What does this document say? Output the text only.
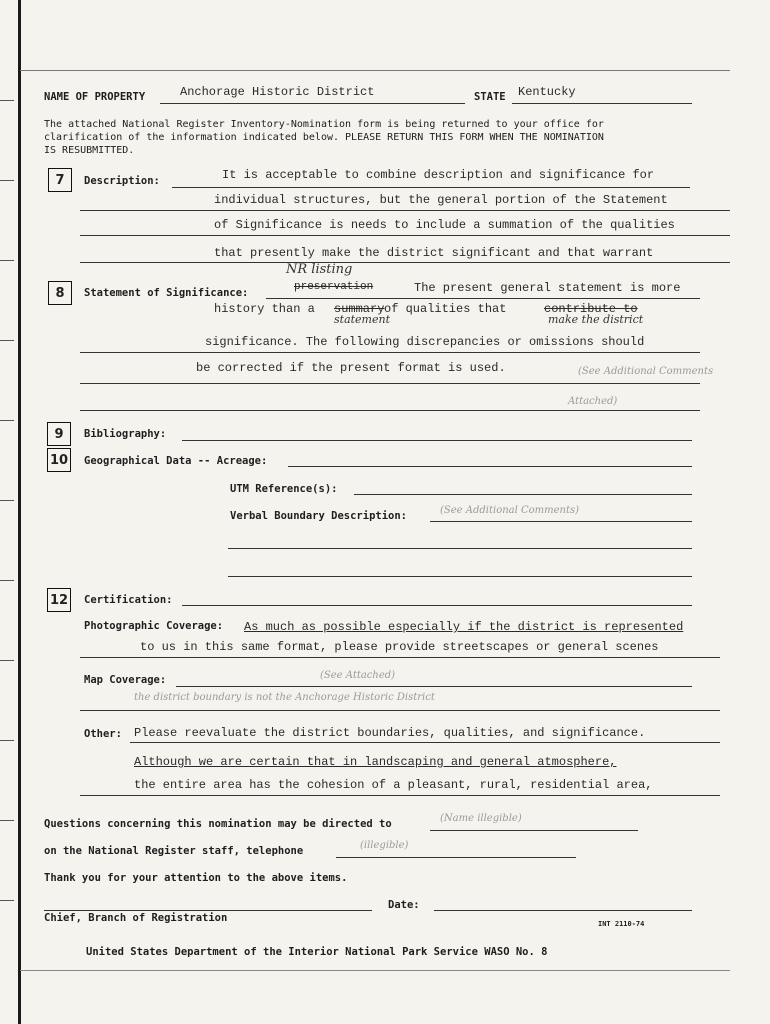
NAME OF PROPERTY	Anchorage Historic District	STATE Kentucky
The attached National Register Inventory-Nomination form is being returned to your office for
clarification of the information indicated below. PLEASE RETURN THIS FORM WHEN THE NOMINATION
IS RESUBMITTED.
7	Description:	It is acceptable to combine description and significance for
individual structures, but the general portion of the Statement
of Significance is needs to include a summation of the qualities
that presently make the district significant and that warrant
8	Statement of Significance:
NR listing
preservation	The present general statement is more
history than a summary of qualities that	contribute to
make the district
statement
significance. The following discrepancies or omissions should
be corrected if the present format is used.	(See Additional Comments
Attached)
9	Bibliography:
10 Geographical Data -- Acreage:
UTM Reference(s):
Verbal Boundary Description:	(See Additional Comments)
12 Certification:
Photographic Coverage: As much as possible especially if the district is represented
to us in this same format, please provide streetscapes or general scenes
Map Coverage:	(See Attached)
the district boundary is not the Anchorage Historic District
Other: Please reevaluate the district boundaries, qualities, and significance.
Although we are certain that in landscaping and general atmosphere,
the entire area has the cohesion of a pleasant, rural, residential area,
Questions concerning this nomination may be directed to	(Name illegible)
on the National Register staff, telephone	(illegible)
Thank you for your attention to the above items.
Date:
Chief, Branch of Registration	INT 2110-74
United States Department of the Interior National Park Service WASO No. 8
